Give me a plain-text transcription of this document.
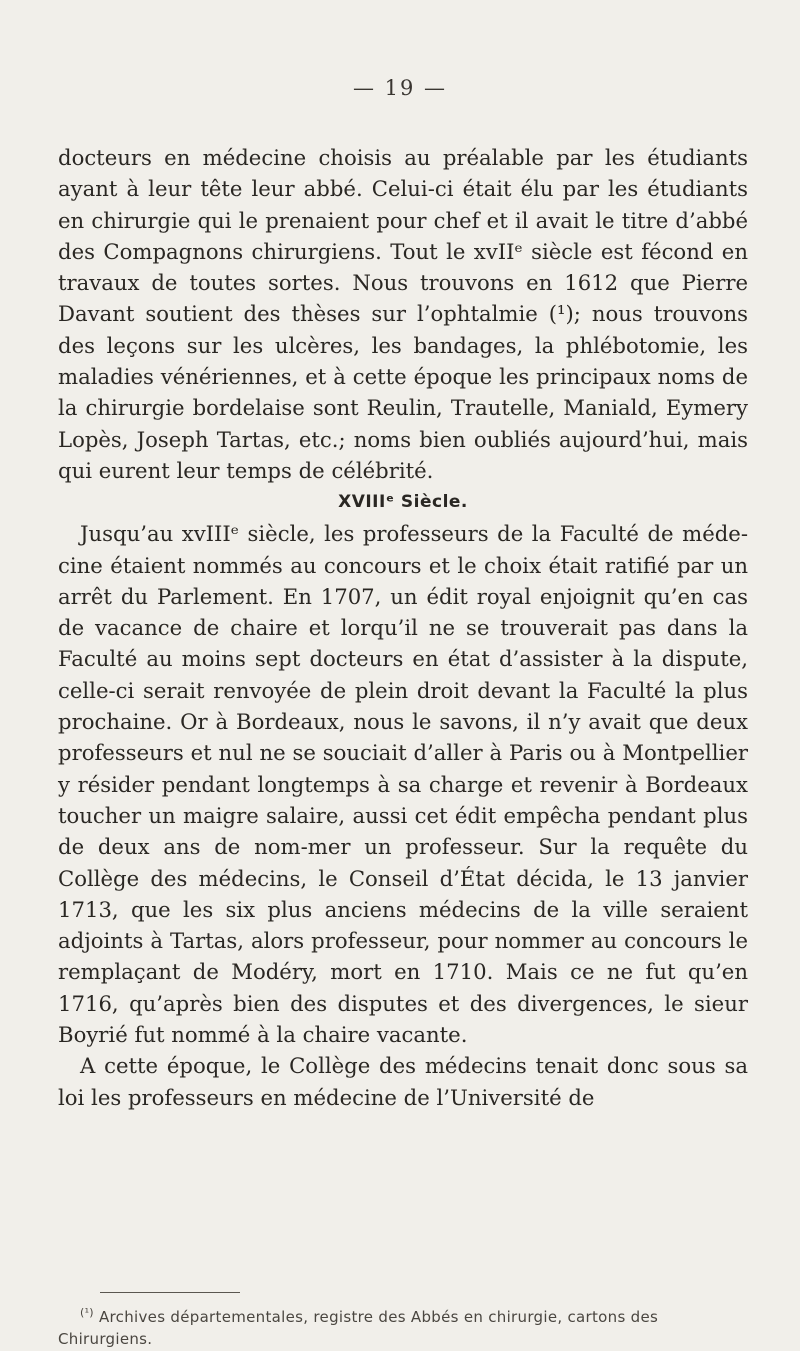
— 19 —

docteurs en médecine choisis au préalable par les étudiants ayant à leur tête leur abbé. Celui-ci était élu par les étudiants en chirurgie qui le prenaient pour chef et il avait le titre d’abbé des Compagnons chirurgiens. Tout le xvIIᵉ siècle est fécond en travaux de toutes sortes. Nous trouvons en 1612 que Pierre Davant soutient des thèses sur l’ophtalmie (¹); nous trouvons des leçons sur les ulcères, les bandages, la phlébotomie, les maladies vénériennes, et à cette époque les principaux noms de la chirurgie bordelaise sont Reulin, Trautelle, Maniald, Eymery Lopès, Joseph Tartas, etc.; noms bien oubliés aujourd’hui, mais qui eurent leur temps de célébrité.

XVIIIᵉ Siècle.

Jusqu’au xvIIIᵉ siècle, les professeurs de la Faculté de méde-cine étaient nommés au concours et le choix était ratifié par un arrêt du Parlement. En 1707, un édit royal enjoignit qu’en cas de vacance de chaire et lorqu’il ne se trouverait pas dans la Faculté au moins sept docteurs en état d’assister à la dispute, celle-ci serait renvoyée de plein droit devant la Faculté la plus prochaine. Or à Bordeaux, nous le savons, il n’y avait que deux professeurs et nul ne se souciait d’aller à Paris ou à Montpellier y résider pendant longtemps à sa charge et revenir à Bordeaux toucher un maigre salaire, aussi cet édit empêcha pendant plus de deux ans de nom-mer un professeur. Sur la requête du Collège des médecins, le Conseil d’État décida, le 13 janvier 1713, que les six plus anciens médecins de la ville seraient adjoints à Tartas, alors professeur, pour nommer au concours le remplaçant de Modéry, mort en 1710. Mais ce ne fut qu’en 1716, qu’après bien des disputes et des divergences, le sieur Boyrié fut nommé à la chaire vacante.

A cette époque, le Collège des médecins tenait donc sous sa loi les professeurs en médecine de l’Université de

$^{(^1)}$ Archives départementales, registre des Abbés en chirurgie, cartons des Chirurgiens.
